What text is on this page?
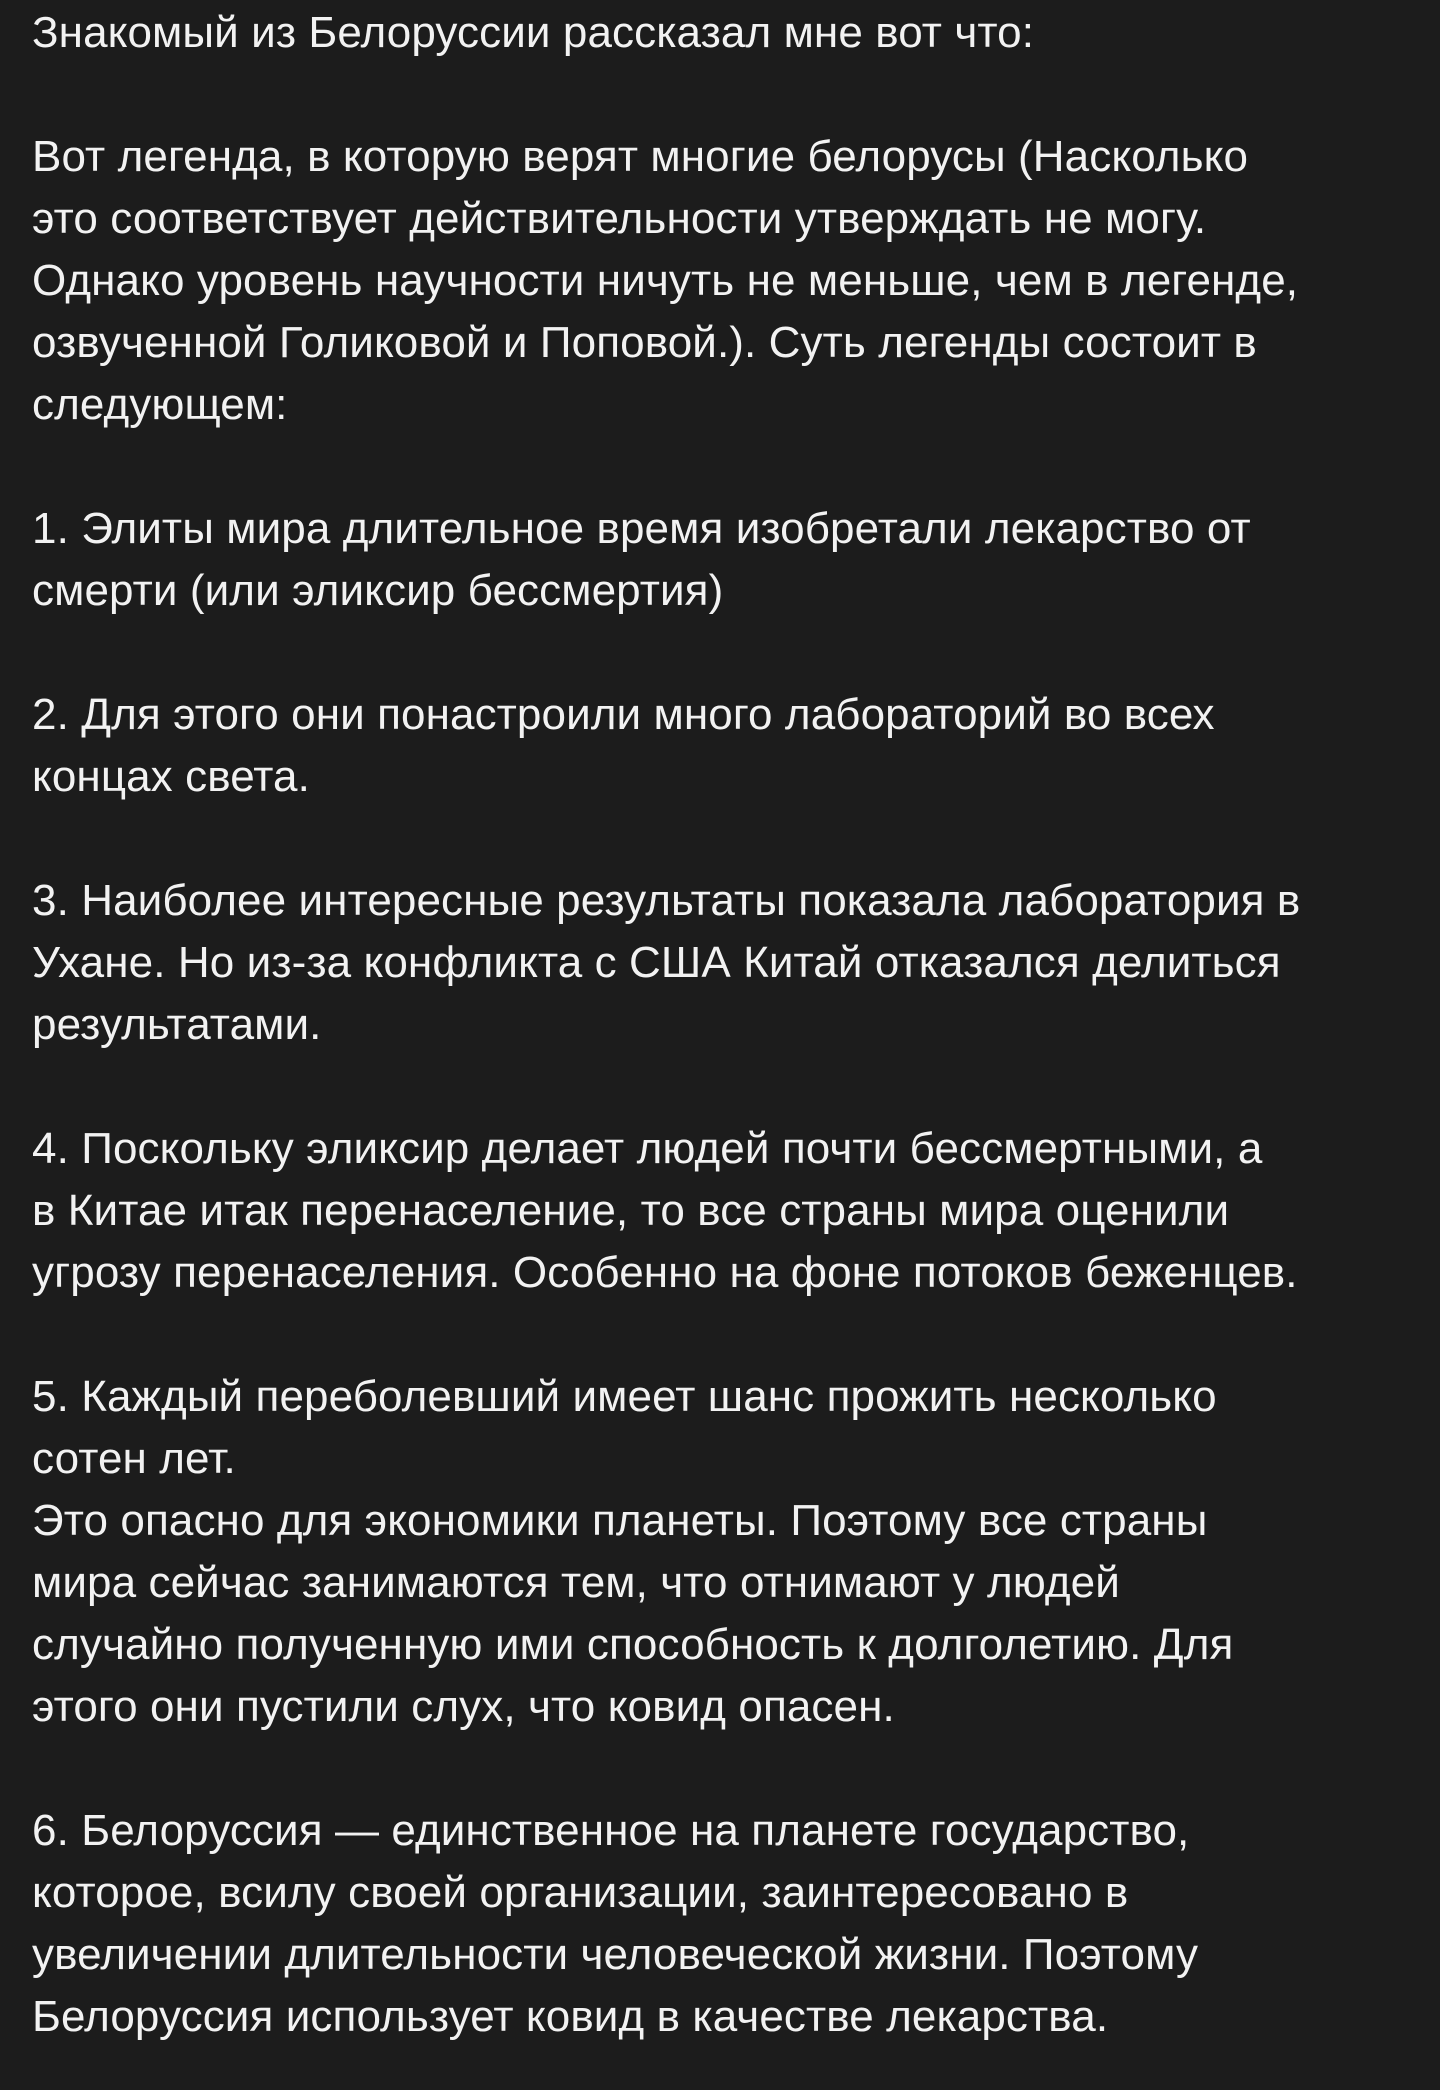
Знакомый из Белоруссии рассказал мне вот что:
Вот легенда, в которую верят многие белорусы (Насколько
это соответствует действительности утверждать не могу.
Однако уровень научности ничуть не меньше, чем в легенде,
озвученной Голиковой и Поповой.). Суть легенды состоит в
следующем:
1. Элиты мира длительное время изобретали лекарство от
смерти (или эликсир бессмертия)
2. Для этого они понастроили много лабораторий во всех
концах света.
3. Наиболее интересные результаты показала лаборатория в
Ухане. Но из-за конфликта с США Китай отказался делиться
результатами.
4. Поскольку эликсир делает людей почти бессмертными, а
в Китае итак перенаселение, то все страны мира оценили
угрозу перенаселения. Особенно на фоне потоков беженцев.
5. Каждый переболевший имеет шанс прожить несколько
сотен лет.
Это опасно для экономики планеты. Поэтому все страны
мира сейчас занимаются тем, что отнимают у людей
случайно полученную ими способность к долголетию. Для
этого они пустили слух, что ковид опасен.
6. Белоруссия — единственное на планете государство,
которое, всилу своей организации, заинтересовано в
увеличении длительности человеческой жизни. Поэтому
Белоруссия использует ковид в качестве лекарства.
